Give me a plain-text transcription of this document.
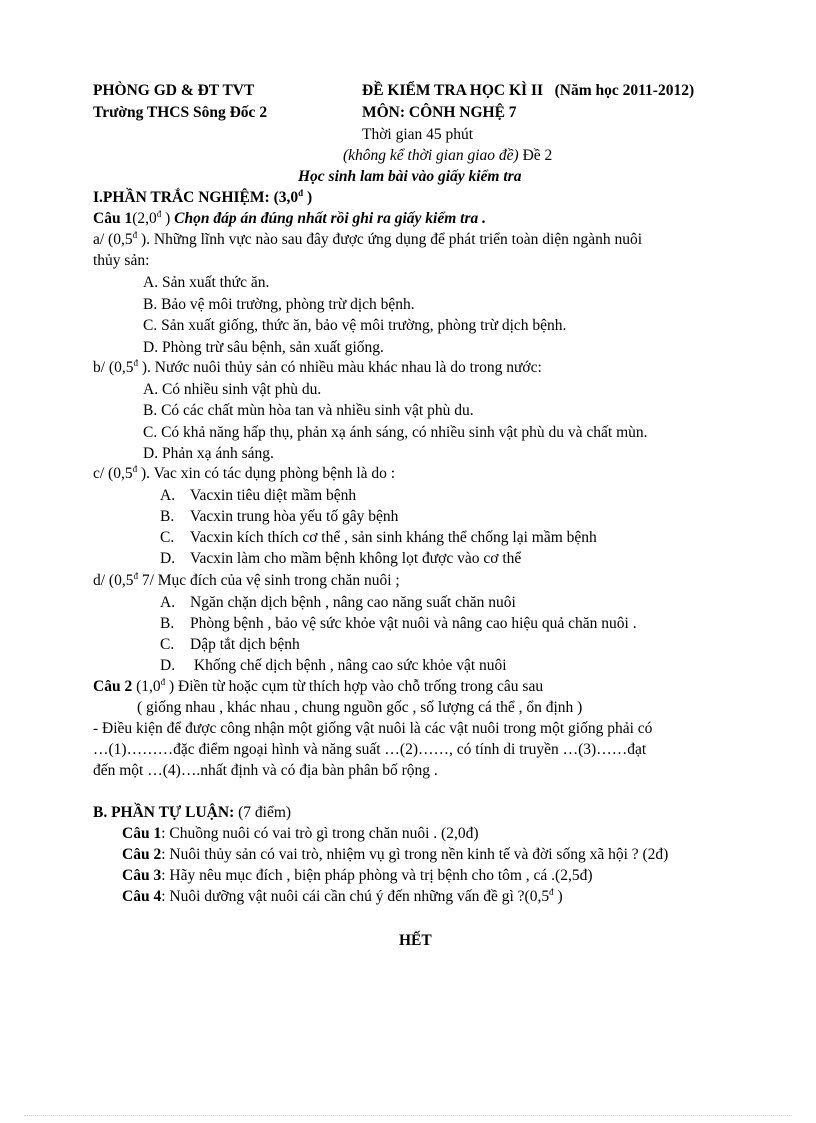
PHÒNG GD & ĐT TVT
Trường THCS Sông Đốc 2
ĐỀ KIỂM TRA HỌC KÌ II (Năm học 2011-2012)
MÔN: CÔNH NGHỆ 7
Thời gian 45 phút
(không kể thời gian giao đề) Đề 2
Học sinh lam bài vào giấy kiểm tra
I.PHẦN TRẮC NGHIỆM: ($3,0^đ$ )
Câu $1(2,0^đ$ ) Chọn đáp án đúng nhất rồi ghi ra giấy kiểm tra .
a/ ($0,5^đ$ ). Những lĩnh vực nào sau đây được ứng dụng để phát triển toàn diện ngành nuôi
thủy sản:
A. Sản xuất thức ăn.
B. Bảo vệ môi trường, phòng trừ dịch bệnh.
C. Sản xuất giống, thức ăn, bảo vệ môi trường, phòng trừ dịch bệnh.
D. Phòng trừ sâu bệnh, sản xuất giống.
b/ ($0,5^đ$ ). Nước nuôi thủy sản có nhiều màu khác nhau là do trong nước:
A. Có nhiều sinh vật phù du.
B. Có các chất mùn hòa tan và nhiều sinh vật phù du.
C. Có khả năng hấp thụ, phản xạ ánh sáng, có nhiều sinh vật phù du và chất mùn.
D. Phản xạ ánh sáng.
c/ ($0,5^đ$ ). Vac xin có tác dụng phòng bệnh là do :
A. Vacxin tiêu diệt mầm bệnh
B. Vacxin trung hòa yếu tố gây bệnh
C. Vacxin kích thích cơ thể , sản sinh kháng thể chống lại mầm bệnh
D. Vacxin làm cho mầm bệnh không lọt được vào cơ thể
d/ ($0,5^đ$ 7/ Mục đích của vệ sinh trong chăn nuôi ;
A. Ngăn chặn dịch bệnh , nâng cao năng suất chăn nuôi
B. Phòng bệnh , bảo vệ sức khỏe vật nuôi và nâng cao hiệu quả chăn nuôi .
C. Dập tắt dịch bệnh
D. Khống chế dịch bệnh , nâng cao sức khỏe vật nuôi
Câu 2 ($1,0^đ$ ) Điền từ hoặc cụm từ thích hợp vào chỗ trống trong câu sau
( giống nhau , khác nhau , chung nguồn gốc , số lượng cá thể , ổn định )
- Điều kiện để được công nhận một giống vật nuôi là các vật nuôi trong một giống phải có
…(1)………đặc điểm ngoại hình và năng suất …(2)……, có tính di truyền …(3)……đạt
đến một …(4)….nhất định và có địa bàn phân bố rộng .
B. PHẦN TỰ LUẬN: (7 điểm)
Câu 1: Chuồng nuôi có vai trò gì trong chăn nuôi . (2,0đ)
Câu 2: Nuôi thủy sản có vai trò, nhiệm vụ gì trong nền kinh tế và đời sống xã hội ? (2đ)
Câu 3: Hãy nêu mục đích , biện pháp phòng và trị bệnh cho tôm , cá .(2,5đ)
Câu 4: Nuôi dưỡng vật nuôi cái cần chú ý đến những vấn đề gì $?(0,5^đ$ )
HẾT
